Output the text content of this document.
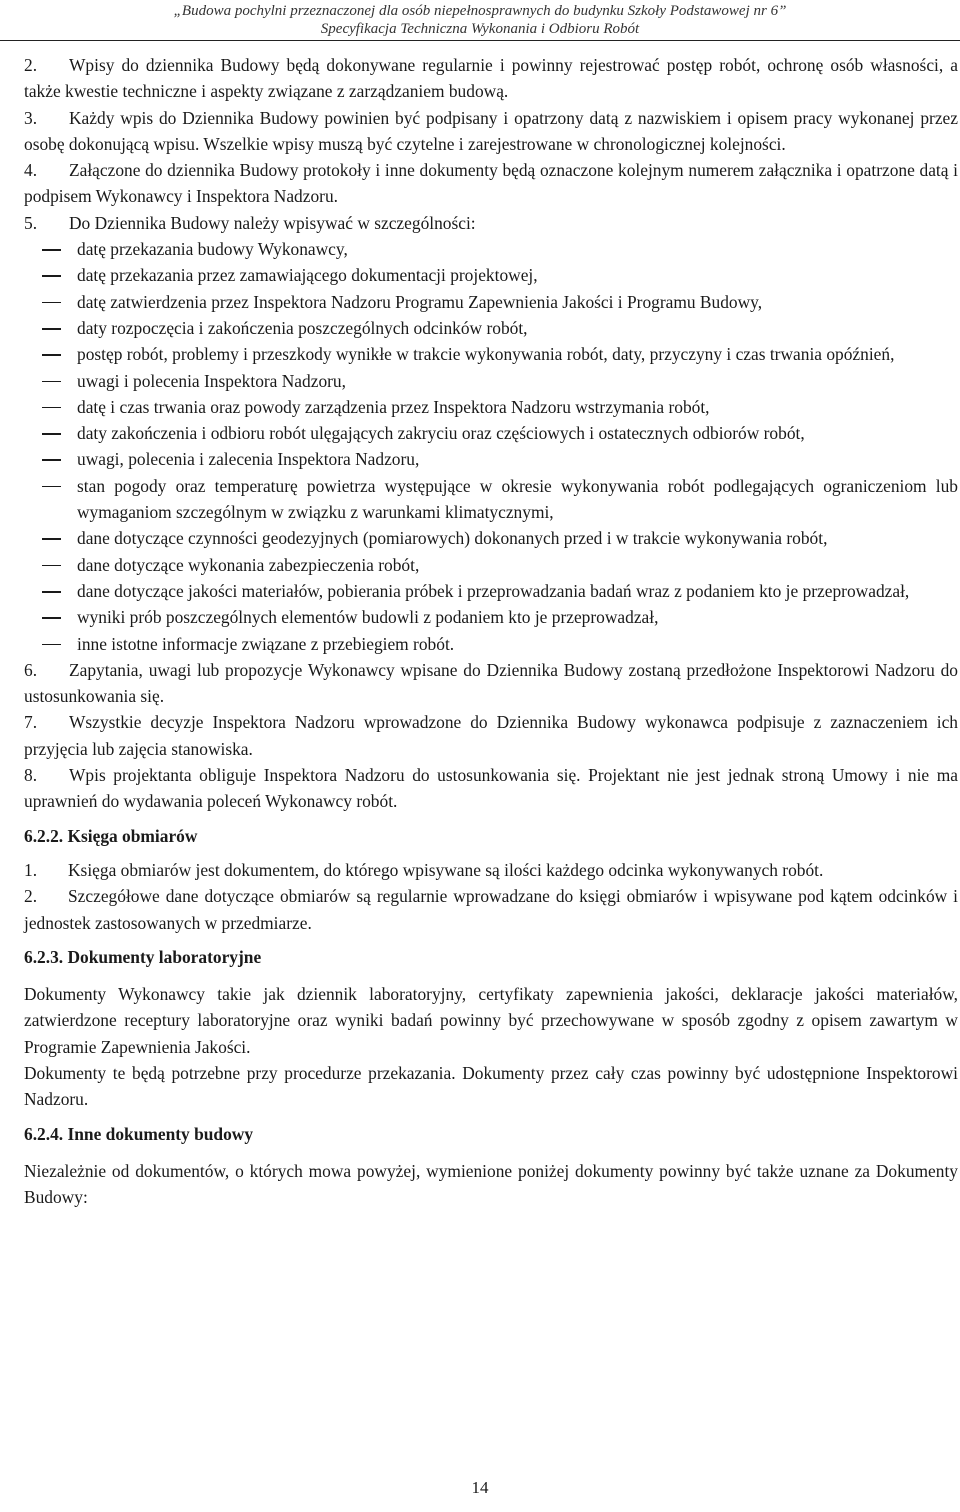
„Budowa pochylni przeznaczonej dla osób niepełnosprawnych do budynku Szkoły Podstawowej nr 6”
Specyfikacja Techniczna Wykonania i Odbioru Robót

2. Wpisy do dziennika Budowy będą dokonywane regularnie i powinny rejestrować postęp robót, ochronę osób własności, a także kwestie techniczne i aspekty związane z zarządzaniem budową.

3. Każdy wpis do Dziennika Budowy powinien być podpisany i opatrzony datą z nazwiskiem i opisem pracy wykonanej przez osobę dokonującą wpisu. Wszelkie wpisy muszą być czytelne i zarejestrowane w chronologicznej kolejności.

4. Załączone do dziennika Budowy protokoły i inne dokumenty będą oznaczone kolejnym numerem załącznika i opatrzone datą i podpisem Wykonawcy i Inspektora Nadzoru.

5. Do Dziennika Budowy należy wpisywać w szczególności:

datę przekazania budowy Wykonawcy,

datę przekazania przez zamawiającego dokumentacji projektowej,

datę zatwierdzenia przez Inspektora Nadzoru Programu Zapewnienia Jakości i Programu Budowy,

daty rozpoczęcia i zakończenia poszczególnych odcinków robót,

postęp robót, problemy i przeszkody wynikłe w trakcie wykonywania robót, daty, przyczyny i czas trwania opóźnień,

uwagi i polecenia Inspektora Nadzoru,

datę i czas trwania oraz powody zarządzenia przez Inspektora Nadzoru wstrzymania robót,

daty zakończenia i odbioru robót ulęgających zakryciu oraz częściowych i ostatecznych odbiorów robót,

uwagi, polecenia i zalecenia Inspektora Nadzoru,

stan pogody oraz temperaturę powietrza występujące w okresie wykonywania robót podlegających ograniczeniom lub wymaganiom szczególnym w związku z warunkami klimatycznymi,

dane dotyczące czynności geodezyjnych (pomiarowych) dokonanych przed i w trakcie wykonywania robót,

dane dotyczące wykonania zabezpieczenia robót,

dane dotyczące jakości materiałów, pobierania próbek i przeprowadzania badań wraz z podaniem kto je przeprowadzał,

wyniki prób poszczególnych elementów budowli z podaniem kto je przeprowadzał,

inne istotne informacje związane z przebiegiem robót.

6. Zapytania, uwagi lub propozycje Wykonawcy wpisane do Dziennika Budowy zostaną przedłożone Inspektorowi Nadzoru do ustosunkowania się.

7. Wszystkie decyzje Inspektora Nadzoru wprowadzone do Dziennika Budowy wykonawca podpisuje z zaznaczeniem ich przyjęcia lub zajęcia stanowiska.

8. Wpis projektanta obliguje Inspektora Nadzoru do ustosunkowania się. Projektant nie jest jednak stroną Umowy i nie ma uprawnień do wydawania poleceń Wykonawcy robót.

6.2.2. Księga obmiarów

1. Księga obmiarów jest dokumentem, do którego wpisywane są ilości każdego odcinka wykonywanych robót.

2. Szczegółowe dane dotyczące obmiarów są regularnie wprowadzane do księgi obmiarów i wpisywane pod kątem odcinków i jednostek zastosowanych w przedmiarze.

6.2.3. Dokumenty laboratoryjne

Dokumenty Wykonawcy takie jak dziennik laboratoryjny, certyfikaty zapewnienia jakości, deklaracje jakości materiałów, zatwierdzone receptury laboratoryjne oraz wyniki badań powinny być przechowywane w sposób zgodny z opisem zawartym w Programie Zapewnienia Jakości.

Dokumenty te będą potrzebne przy procedurze przekazania. Dokumenty przez cały czas powinny być udostępnione Inspektorowi Nadzoru.

6.2.4. Inne dokumenty budowy

Niezależnie od dokumentów, o których mowa powyżej, wymienione poniżej dokumenty powinny być także uznane za Dokumenty Budowy:

14
